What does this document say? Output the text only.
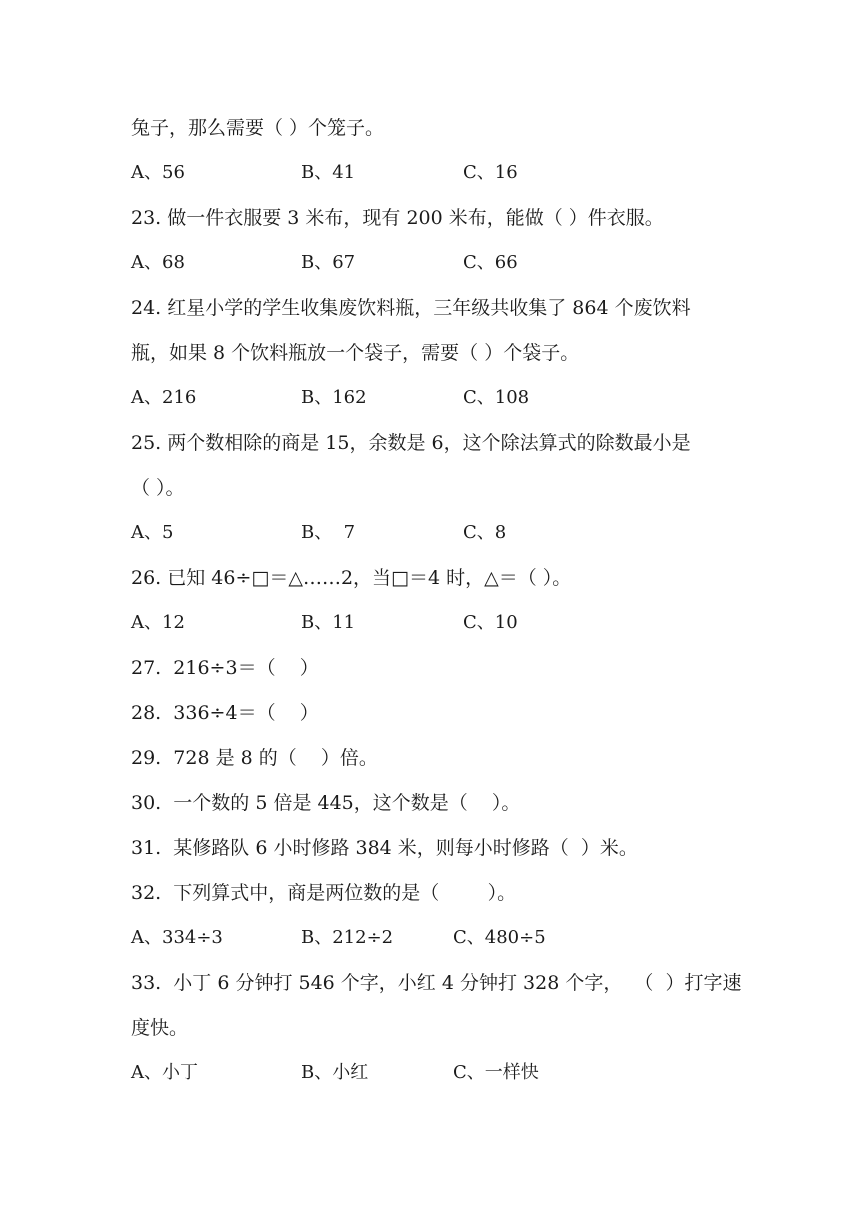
兔子，那么需要（ ）个笼子。

A、56	B、41	C、16

23. 做一件衣服要 3 米布，现有 200 米布，能做（ ）件衣服。

A、68	B、67	C、66

24. 红星小学的学生收集废饮料瓶，三年级共收集了 864 个废饮料

瓶，如果 8 个饮料瓶放一个袋子，需要（ ）个袋子。

A、216	B、162	C、108

25. 两个数相除的商是 15，余数是 6，这个除法算式的除数最小是

（ ）。

A、5	B、  7	C、8

26. 已知 46÷□＝△……2，当□＝4 时，△＝（ ）。

A、12	B、11	C、10

27.  216÷3＝（    ）

28.  336÷4＝（    ）

29.  728 是 8 的（    ）倍。

30.  一个数的 5 倍是 445，这个数是（    ）。

31.  某修路队 6 小时修路 384 米，则每小时修路（  ）米。

32.  下列算式中，商是两位数的是（        ）。

A、334÷3	B、212÷2	C、480÷5

33.  小丁 6 分钟打 546 个字，小红 4 分钟打 328 个字，  （  ）打字速

度快。

A、小丁	B、小红	C、一样快
